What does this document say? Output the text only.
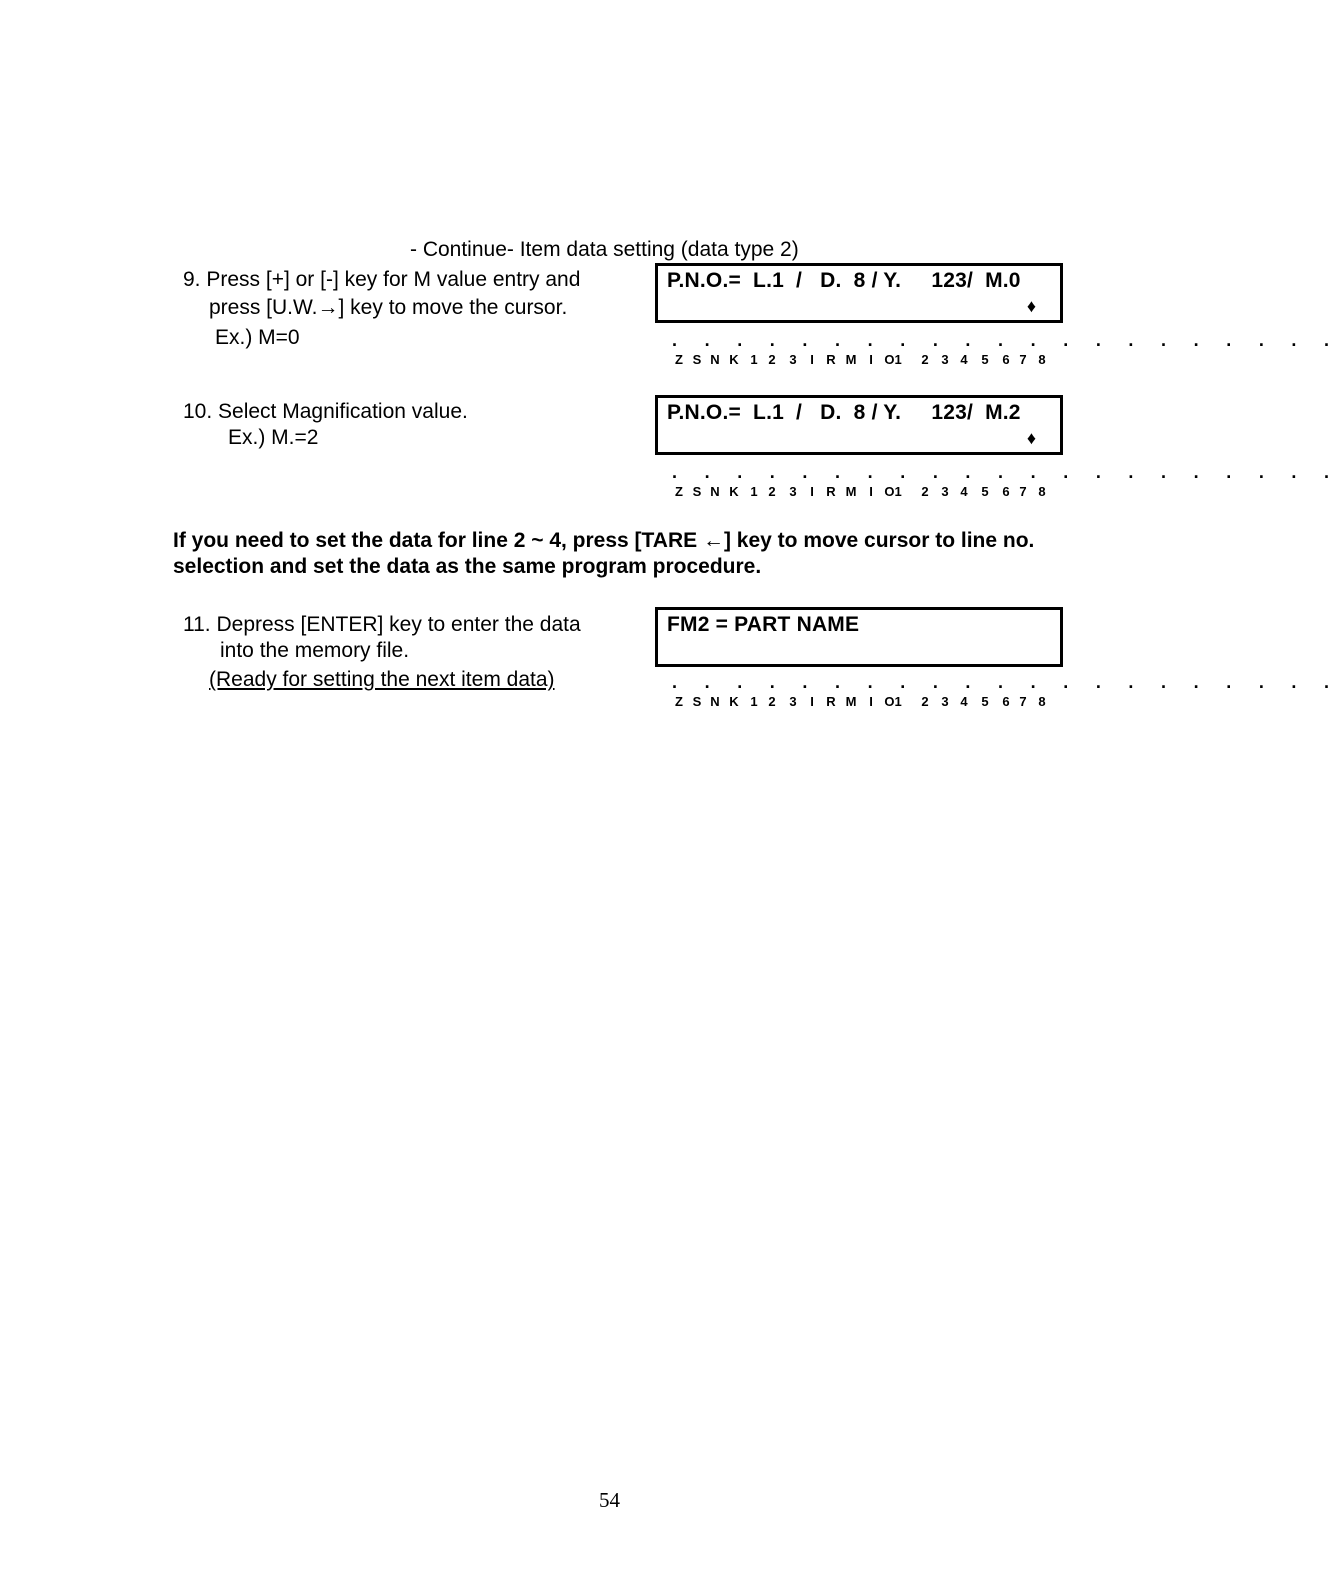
- Continue- Item data setting (data type 2)
9. Press [+] or [-] key for M value entry and
press [U.W.→] key to move the cursor.
Ex.) M=0
P.N.O.=  L.1  /   D.  8 / Y.     123/  M.0
♦
. . . . . . . . . . . . . . . . . . . . .
Z S N K 1 2 3 I R M I O1 2 3 4 5 6 7 8
10. Select Magnification value.
Ex.) M.=2
P.N.O.=  L.1  /   D.  8 / Y.     123/  M.2
♦
. . . . . . . . . . . . . . . . . . . . .
Z S N K 1 2 3 I R M I O1 2 3 4 5 6 7 8
If you need to set the data for line 2 ~ 4, press [TARE ←] key to move cursor to line no. selection and set the data as the same program procedure.
11. Depress [ENTER] key to enter the data
into the memory file.
(Ready for setting the next item data)
FM2 = PART NAME
. . . . . . . . . . . . . . . . . . . . .
Z S N K 1 2 3 I R M I O1 2 3 4 5 6 7 8
54
